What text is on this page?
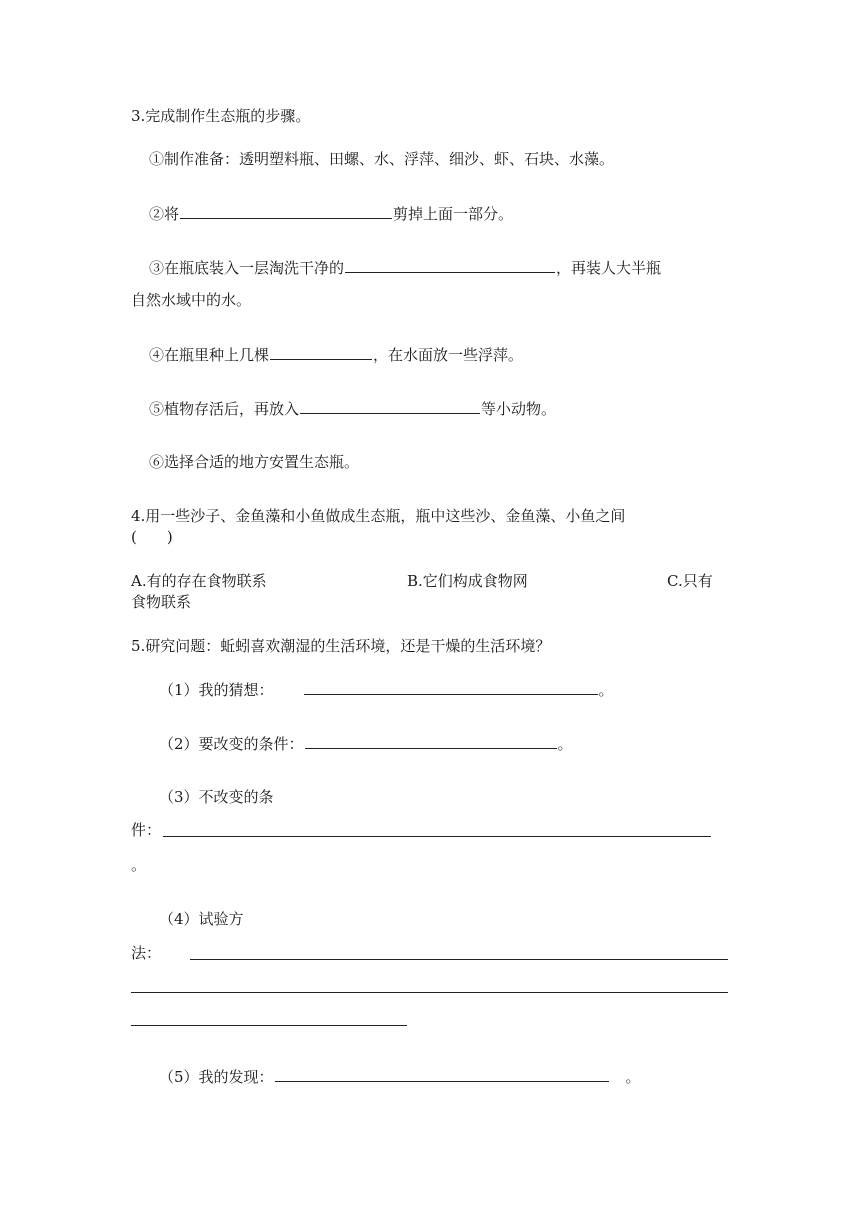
3.完成制作生态瓶的步骤。
①制作准备：透明塑料瓶、田螺、水、浮萍、细沙、虾、石块、水藻。
②将	剪掉上面一部分。
③在瓶底装入一层淘洗干净的	，再装人大半瓶
自然水域中的水。
④在瓶里种上几棵	，在水面放一些浮萍。
⑤植物存活后，再放入	等小动物。
⑥选择合适的地方安置生态瓶。
4.用一些沙子、金鱼藻和小鱼做成生态瓶，瓶中这些沙、金鱼藻、小鱼之间
(　　)
A.有的存在食物联系	B.它们构成食物网	C.只有
食物联系
5.研究问题：蚯蚓喜欢潮湿的生活环境，还是干燥的生活环境？
（1）我的猜想：	。
（2）要改变的条件：	。
（3）不改变的条
件：
。
（4）试验方
法：
（5）我的发现：	。
